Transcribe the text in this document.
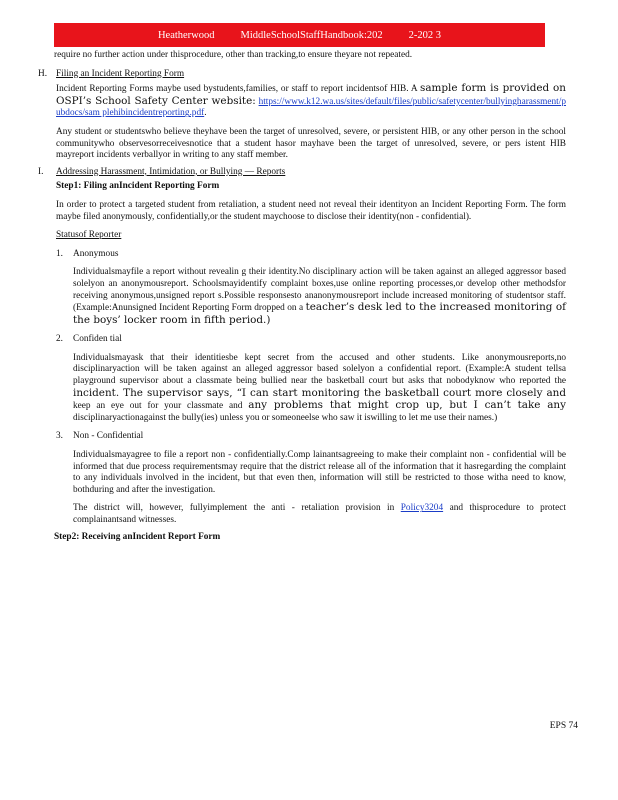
Heatherwood MiddleSchoolStaffHandbook:202 2-202 3

require no further action under thisprocedure, other than tracking,to ensure theyare not repeated.

H. Filing an Incident Reporting Form

Incident Reporting Forms maybe used bystudents,families, or staff to report incidentsof HIB. A sample form is provided on OSPI’s School Safety Center website: https://www.k12.wa.us/sites/default/files/public/safetycenter/bullyingharassment/pubdocs/sam plehibincidentreporting.pdf.

Any student or studentswho believe theyhave been the target of unresolved, severe, or persistent HIB, or any other person in the school communitywho observesorreceivesnotice that a student hasor mayhave been the target of unresolved, severe, or pers istent HIB mayreport incidents verballyor in writing to any staff member.

I. Addressing Harassment, Intimidation, or Bullying — Reports

Step1: Filing anIncident Reporting Form

In order to protect a targeted student from retaliation, a student need not reveal their identityon an Incident Reporting Form. The form maybe filed anonymously, confidentially,or the student maychoose to disclose their identity(non - confidential).

Statusof Reporter

1. Anonymous

Individualsmayfile a report without revealin g their identity.No disciplinary action will be taken against an alleged aggressor based solelyon an anonymousreport. Schoolsmayidentify complaint boxes,use online reporting processes,or develop other methodsfor receiving anonymous,unsigned report s.Possible responsesto ananonymousreport include increased monitoring of studentsor staff. (Example:Anunsigned Incident Reporting Form dropped on a teacher’s desk led to the increased monitoring of the boys’ locker room in fifth period.)

2. Confiden tial

Individualsmayask that their identitiesbe kept secret from the accused and other students. Like anonymousreports,no disciplinaryaction will be taken against an alleged aggressor based solelyon a confidential report. (Example:A student tellsa playground supervisor about a classmate being bullied near the basketball court but asks that nobodyknow who reported the incident. The supervisor says, “I can start monitoring the basketball court more closely and keep an eye out for your classmate and any problems that might crop up, but I can’t take any disciplinaryactionagainst the bully(ies) unless you or someoneelse who saw it iswilling to let me use their names.)

3. Non - Confidential

Individualsmayagree to file a report non - confidentially.Comp lainantsagreeing to make their complaint non - confidential will be informed that due process requirementsmay require that the district release all of the information that it hasregarding the complaint to any individuals involved in the incident, but that even then, information will still be restricted to those witha need to know, bothduring and after the investigation.

The district will, however, fullyimplement the anti - retaliation provision in Policy3204 and thisprocedure to protect complainantsand witnesses.

Step2: Receiving anIncident Report Form

EPS 74
